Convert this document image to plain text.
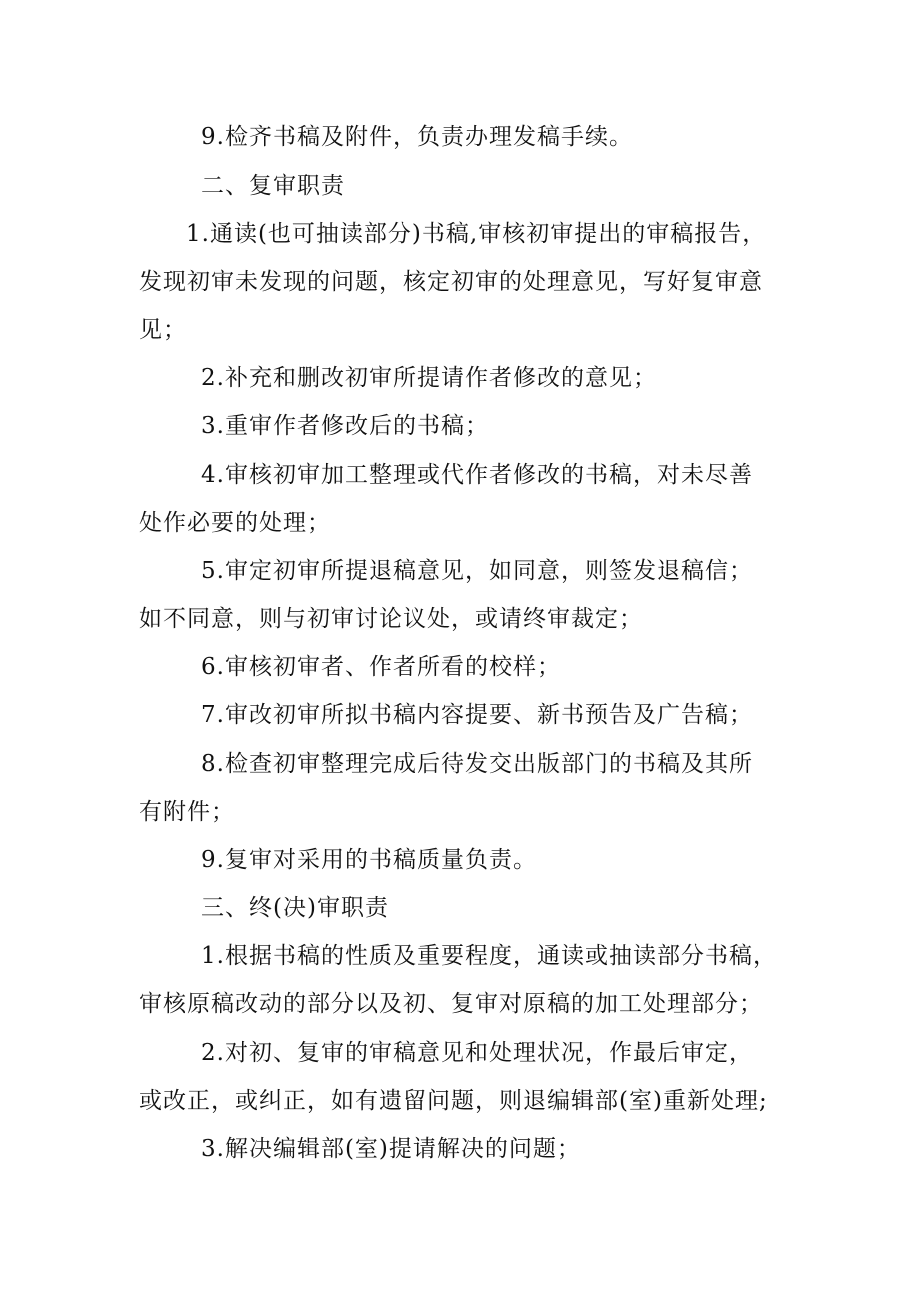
9.检齐书稿及附件，负责办理发稿手续。
二、复审职责
1.通读(也可抽读部分)书稿,审核初审提出的审稿报告，
发现初审未发现的问题，核定初审的处理意见，写好复审意
见；
2.补充和删改初审所提请作者修改的意见；
3.重审作者修改后的书稿；
4.审核初审加工整理或代作者修改的书稿，对未尽善
处作必要的处理；
5.审定初审所提退稿意见，如同意，则签发退稿信；
如不同意，则与初审讨论议处，或请终审裁定；
6.审核初审者、作者所看的校样；
7.审改初审所拟书稿内容提要、新书预告及广告稿；
8.检查初审整理完成后待发交出版部门的书稿及其所
有附件；
9.复审对采用的书稿质量负责。
三、终(决)审职责
1.根据书稿的性质及重要程度，通读或抽读部分书稿，
审核原稿改动的部分以及初、复审对原稿的加工处理部分；
2.对初、复审的审稿意见和处理状况，作最后审定，
或改正，或纠正，如有遗留问题，则退编辑部(室)重新处理;
3.解决编辑部(室)提请解决的问题；
